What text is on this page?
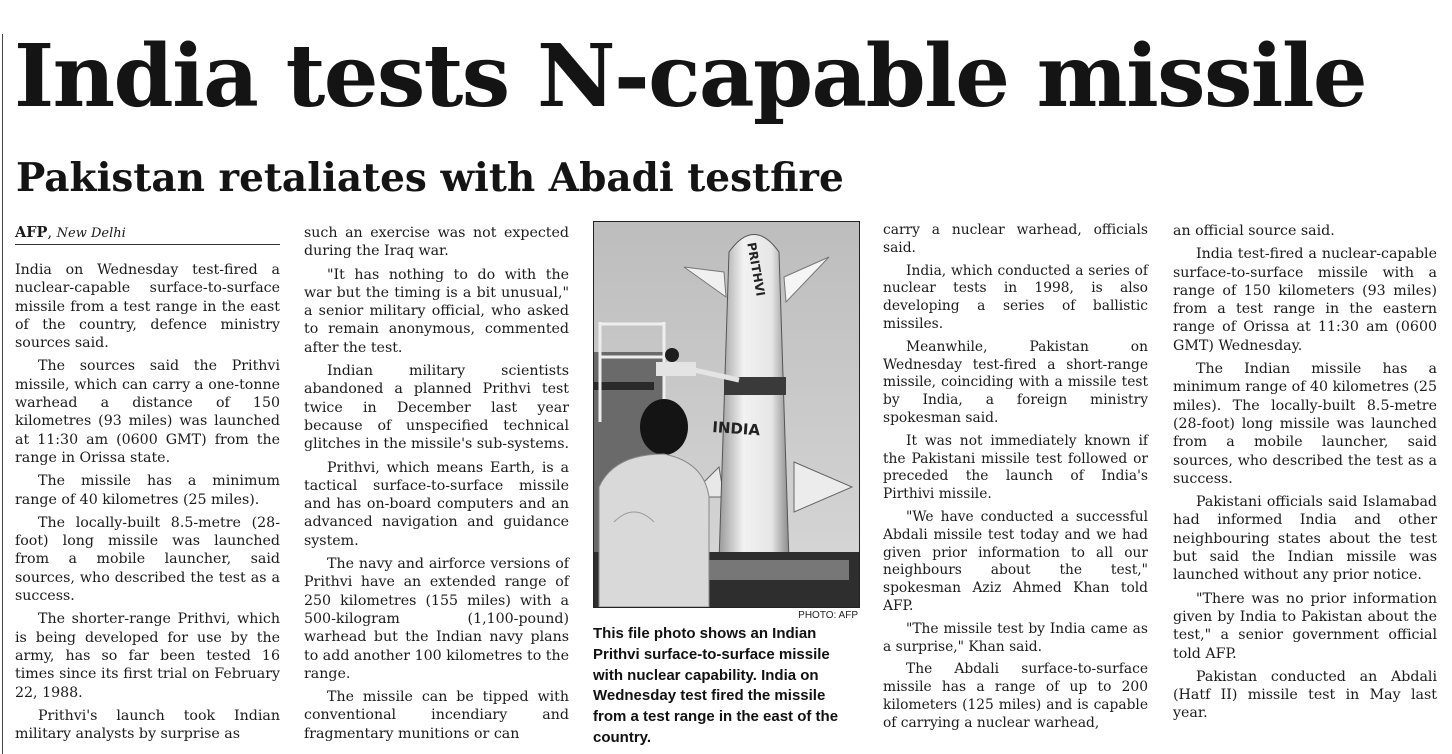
India tests N-capable missile
Pakistan retaliates with Abadi testfire
AFP, New Delhi

India on Wednesday test-fired a nuclear-capable surface-to-surface missile from a test range in the east of the country, defence ministry sources said.

The sources said the Prithvi missile, which can carry a one-tonne warhead a distance of 150 kilometres (93 miles) was launched at 11:30 am (0600 GMT) from the range in Orissa state.

The missile has a minimum range of 40 kilometres (25 miles).

The locally-built 8.5-metre (28-foot) long missile was launched from a mobile launcher, said sources, who described the test as a success.

The shorter-range Prithvi, which is being developed for use by the army, has so far been tested 16 times since its first trial on February 22, 1988.

Prithvi's launch took Indian military analysts by surprise as

such an exercise was not expected during the Iraq war.

"It has nothing to do with the war but the timing is a bit unusual," a senior military official, who asked to remain anonymous, commented after the test.

Indian military scientists abandoned a planned Prithvi test twice in December last year because of unspecified technical glitches in the missile's sub-systems.

Prithvi, which means Earth, is a tactical surface-to-surface missile and has on-board computers and an advanced navigation and guidance system.

The navy and airforce versions of Prithvi have an extended range of 250 kilometres (155 miles) with a 500-kilogram (1,100-pound) warhead but the Indian navy plans to add another 100 kilometres to the range.

The missile can be tipped with conventional incendiary and fragmentary munitions or can

PRITHVI
INDIA
PHOTO: AFP
This file photo shows an Indian Prithvi surface-to-surface missile with nuclear capability. India on Wednesday test fired the missile from a test range in the east of the country.

carry a nuclear warhead, officials said.

India, which conducted a series of nuclear tests in 1998, is also developing a series of ballistic missiles.

Meanwhile, Pakistan on Wednesday test-fired a short-range missile, coinciding with a missile test by India, a foreign ministry spokesman said.

It was not immediately known if the Pakistani missile test followed or preceded the launch of India's Pirthivi missile.

"We have conducted a successful Abdali missile test today and we had given prior information to all our neighbours about the test," spokesman Aziz Ahmed Khan told AFP.

"The missile test by India came as a surprise," Khan said.

The Abdali surface-to-surface missile has a range of up to 200 kilometers (125 miles) and is capable of carrying a nuclear warhead,

an official source said.

India test-fired a nuclear-capable surface-to-surface missile with a range of 150 kilometers (93 miles) from a test range in the eastern range of Orissa at 11:30 am (0600 GMT) Wednesday.

The Indian missile has a minimum range of 40 kilometres (25 miles). The locally-built 8.5-metre (28-foot) long missile was launched from a mobile launcher, said sources, who described the test as a success.

Pakistani officials said Islamabad had informed India and other neighbouring states about the test but said the Indian missile was launched without any prior notice.

"There was no prior information given by India to Pakistan about the test," a senior government official told AFP.

Pakistan conducted an Abdali (Hatf II) missile test in May last year.
